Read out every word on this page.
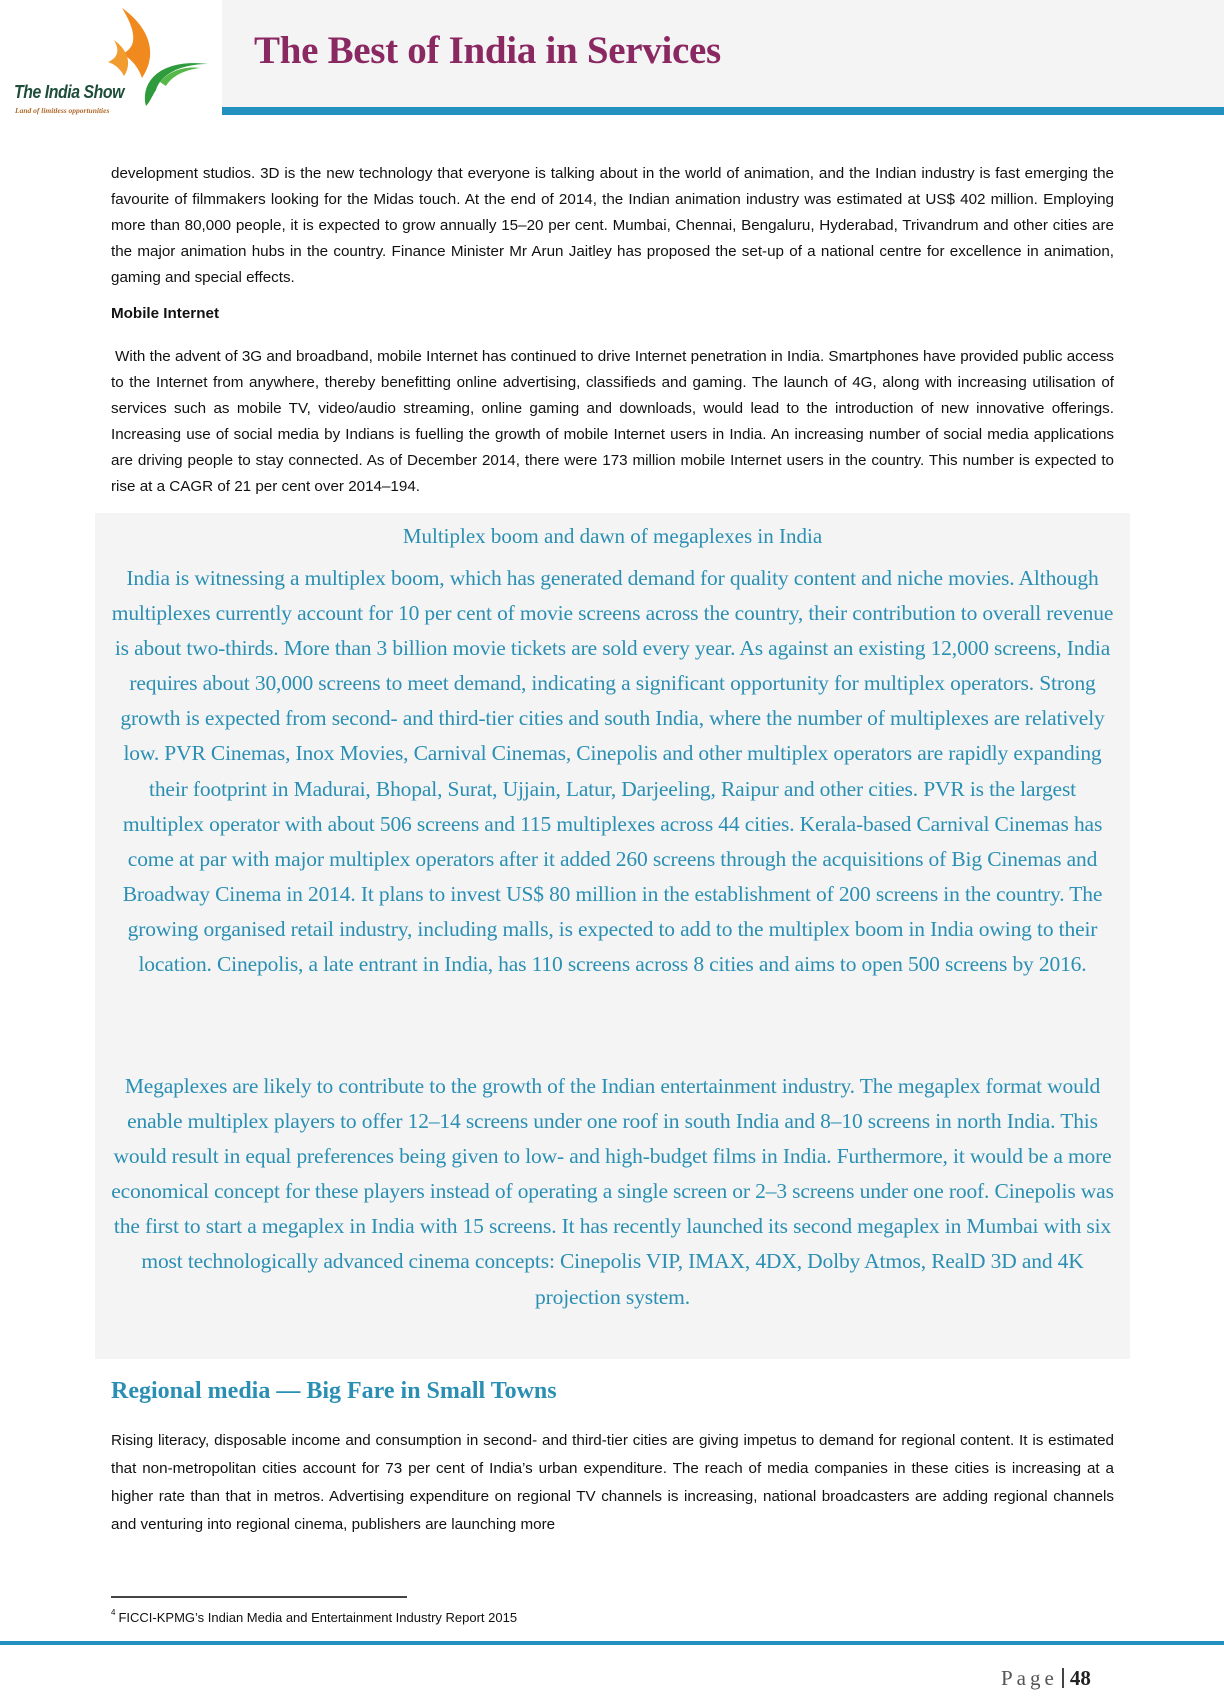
The India Show
Land of limitless opportunities
The Best of India in Services

development studios. 3D is the new technology that everyone is talking about in the world of animation, and the Indian industry is fast emerging the favourite of filmmakers looking for the Midas touch. At the end of 2014, the Indian animation industry was estimated at US$ 402 million. Employing more than 80,000 people, it is expected to grow annually 15–20 per cent. Mumbai, Chennai, Bengaluru, Hyderabad, Trivandrum and other cities are the major animation hubs in the country. Finance Minister Mr Arun Jaitley has proposed the set-up of a national centre for excellence in animation, gaming and special effects.

Mobile Internet

With the advent of 3G and broadband, mobile Internet has continued to drive Internet penetration in India. Smartphones have provided public access to the Internet from anywhere, thereby benefitting online advertising, classifieds and gaming. The launch of 4G, along with increasing utilisation of services such as mobile TV, video/audio streaming, online gaming and downloads, would lead to the introduction of new innovative offerings. Increasing use of social media by Indians is fuelling the growth of mobile Internet users in India. An increasing number of social media applications are driving people to stay connected. As of December 2014, there were 173 million mobile Internet users in the country. This number is expected to rise at a CAGR of 21 per cent over 2014–194.

Multiplex boom and dawn of megaplexes in India

India is witnessing a multiplex boom, which has generated demand for quality content and niche movies. Although multiplexes currently account for 10 per cent of movie screens across the country, their contribution to overall revenue is about two-thirds. More than 3 billion movie tickets are sold every year. As against an existing 12,000 screens, India requires about 30,000 screens to meet demand, indicating a significant opportunity for multiplex operators. Strong growth is expected from second- and third-tier cities and south India, where the number of multiplexes are relatively low. PVR Cinemas, Inox Movies, Carnival Cinemas, Cinepolis and other multiplex operators are rapidly expanding their footprint in Madurai, Bhopal, Surat, Ujjain, Latur, Darjeeling, Raipur and other cities. PVR is the largest multiplex operator with about 506 screens and 115 multiplexes across 44 cities. Kerala-based Carnival Cinemas has come at par with major multiplex operators after it added 260 screens through the acquisitions of Big Cinemas and Broadway Cinema in 2014. It plans to invest US$ 80 million in the establishment of 200 screens in the country. The growing organised retail industry, including malls, is expected to add to the multiplex boom in India owing to their location. Cinepolis, a late entrant in India, has 110 screens across 8 cities and aims to open 500 screens by 2016.

Megaplexes are likely to contribute to the growth of the Indian entertainment industry. The megaplex format would enable multiplex players to offer 12–14 screens under one roof in south India and 8–10 screens in north India. This would result in equal preferences being given to low- and high-budget films in India. Furthermore, it would be a more economical concept for these players instead of operating a single screen or 2–3 screens under one roof. Cinepolis was the first to start a megaplex in India with 15 screens. It has recently launched its second megaplex in Mumbai with six most technologically advanced cinema concepts: Cinepolis VIP, IMAX, 4DX, Dolby Atmos, RealD 3D and 4K projection system.

Regional media — Big Fare in Small Towns

Rising literacy, disposable income and consumption in second- and third-tier cities are giving impetus to demand for regional content. It is estimated that non-metropolitan cities account for 73 per cent of India’s urban expenditure. The reach of media companies in these cities is increasing at a higher rate than that in metros. Advertising expenditure on regional TV channels is increasing, national broadcasters are adding regional channels and venturing into regional cinema, publishers are launching more

$^4$ FICCI-KPMG’s Indian Media and Entertainment Industry Report 2015
Page 48
